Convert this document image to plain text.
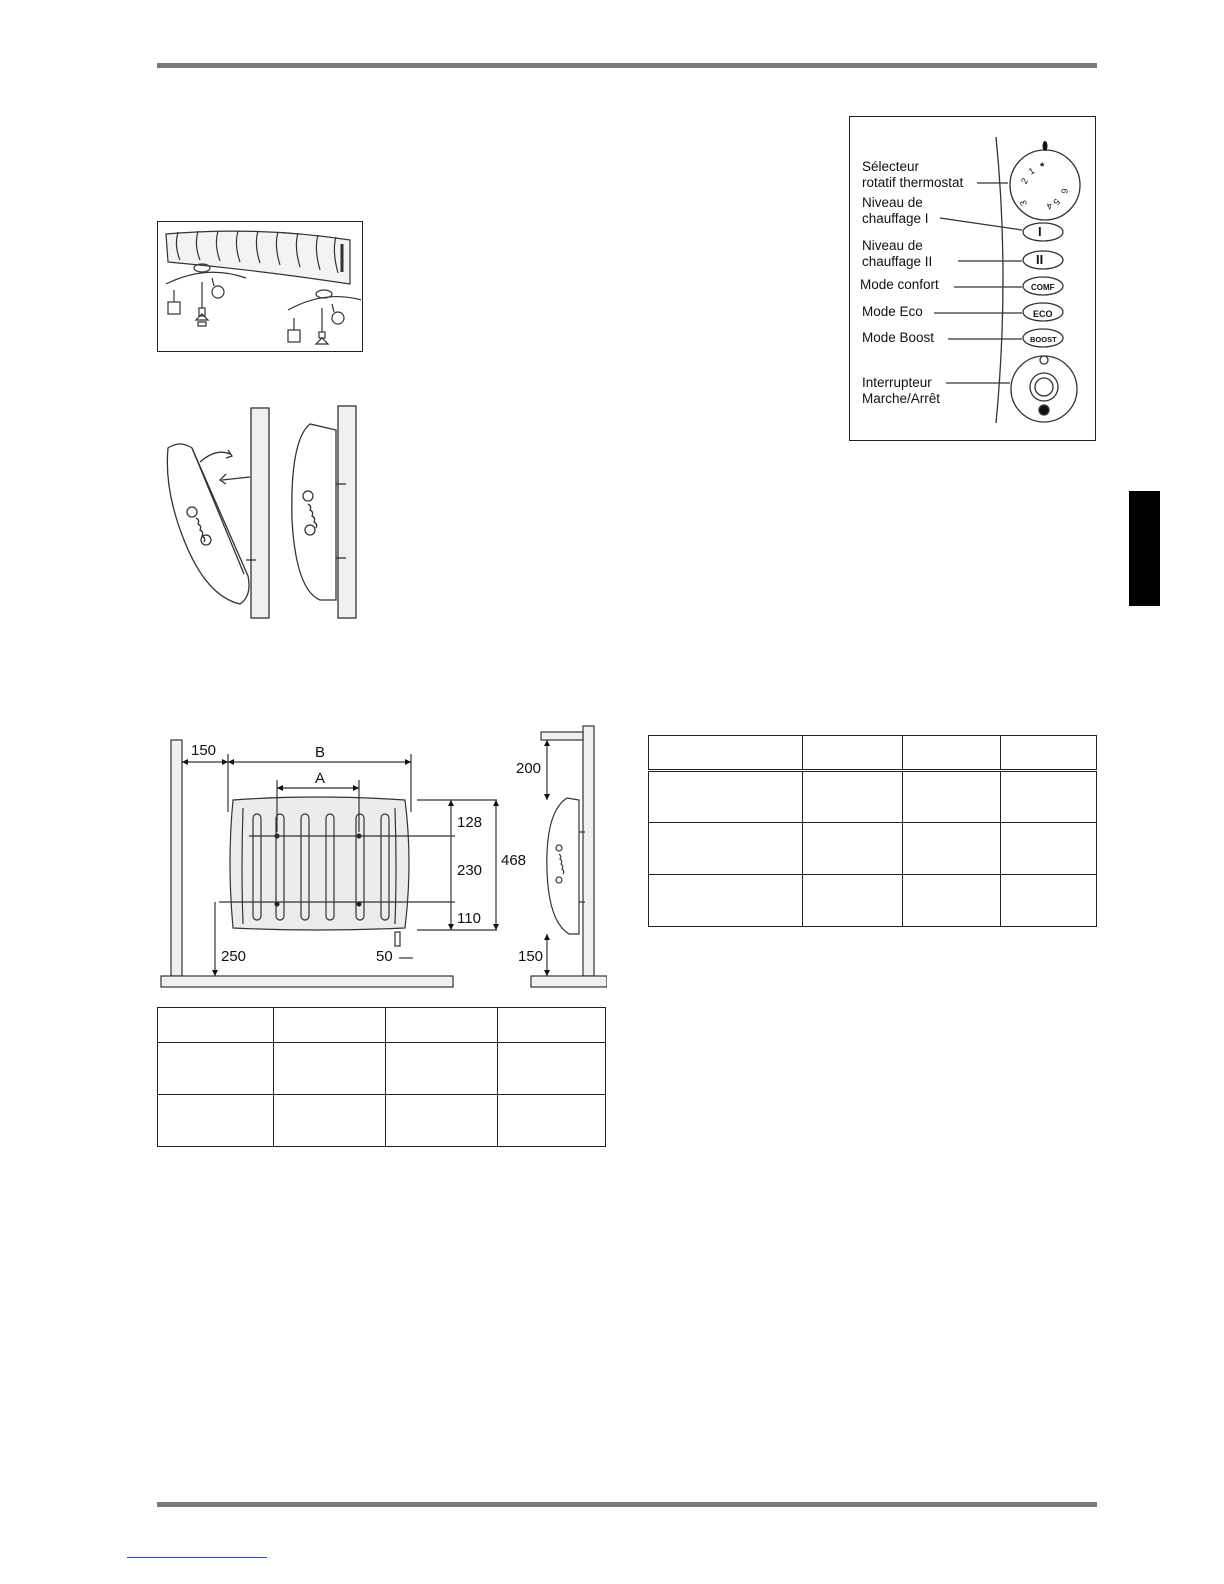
Sélecteur
rotatif thermostat
Niveau de
chauffage I
Niveau de
chauffage II
Mode confort
Mode Eco
Mode Boost
Interrupteur
Marche/Arrêt
*
1
2
3	4
5
6
I
II
COMF
ECO
BOOST
150	B
A
128
230
468
110
250	50
200
150
